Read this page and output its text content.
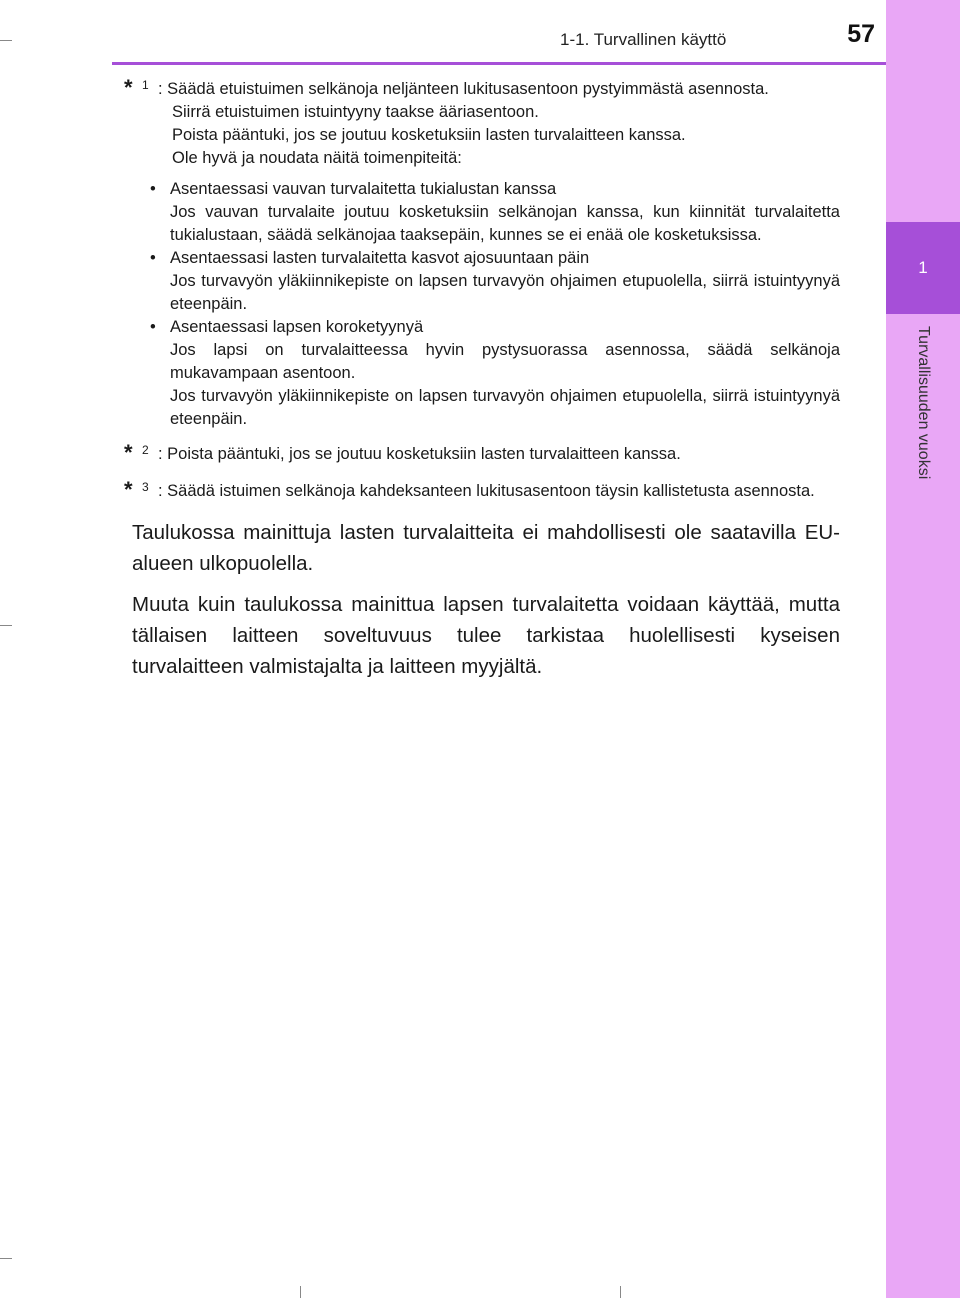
1-1. Turvallinen käyttö	57
1
Turvallisuuden vuoksi
* 1 : Säädä etuistuimen selkänoja neljänteen lukitusasentoon pystyimmästä asennosta.
Siirrä etuistuimen istuintyyny taakse ääriasentoon.
Poista pääntuki, jos se joutuu kosketuksiin lasten turvalaitteen kanssa.
Ole hyvä ja noudata näitä toimenpiteitä:
• Asentaessasi vauvan turvalaitetta tukialustan kanssa
Jos vauvan turvalaite joutuu kosketuksiin selkänojan kanssa, kun kiinnität turvalaitetta tukialustaan, säädä selkänojaa taaksepäin, kunnes se ei enää ole kosketuksissa.
• Asentaessasi lasten turvalaitetta kasvot ajosuuntaan päin
Jos turvavyön yläkiinnikepiste on lapsen turvavyön ohjaimen etupuolella, siirrä istuintyynyä eteenpäin.
• Asentaessasi lapsen koroketyynyä
Jos lapsi on turvalaitteessa hyvin pystysuorassa asennossa, säädä selkänoja mukavampaan asentoon.
Jos turvavyön yläkiinnikepiste on lapsen turvavyön ohjaimen etupuolella, siirrä istuintyynyä eteenpäin.
* 2 : Poista pääntuki, jos se joutuu kosketuksiin lasten turvalaitteen kanssa.
* 3 : Säädä istuimen selkänoja kahdeksanteen lukitusasentoon täysin kallistetusta asennosta.

Taulukossa mainittuja lasten turvalaitteita ei mahdollisesti ole saatavilla EU-alueen ulkopuolella.

Muuta kuin taulukossa mainittua lapsen turvalaitetta voidaan käyttää, mutta tällaisen laitteen soveltuvuus tulee tarkistaa huolellisesti kyseisen turvalaitteen valmistajalta ja laitteen myyjältä.
